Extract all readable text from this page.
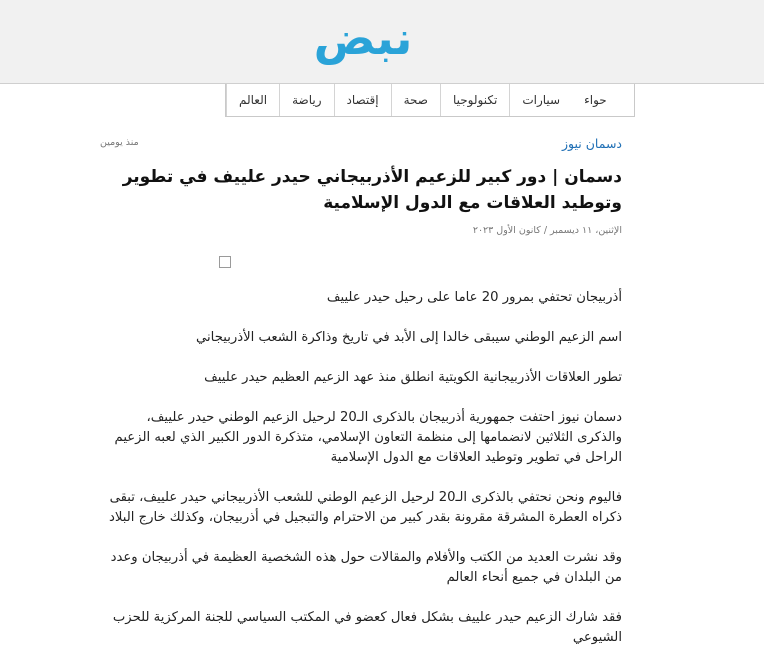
نبض
العالم	رياضة	إقتصاد	صحة	تكنولوجيا	سيارات	حواء
دسمان نيوز
منذ يومين
دسمان | دور كبير للزعيم الأذربيجاني حيدر علييف في تطوير وتوطيد العلاقات مع الدول الإسلامية
الإثنين، ١١ ديسمبر / كانون الأول ٢٠٢٣

أذربيجان تحتفي بمرور 20 عاما على رحيل حيدر علييف

اسم الزعيم الوطني سيبقى خالدا إلى الأبد في تاريخ وذاكرة الشعب الأذربيجاني

تطور العلاقات الأذربيجانية الكويتية انطلق منذ عهد الزعيم العظيم حيدر علييف

دسمان نيوز احتفت جمهورية أذربيجان بالذكرى الـ20 لرحيل الزعيم الوطني حيدر علييف، والذكرى الثلاثين لانضمامها إلى منظمة التعاون الإسلامي، متذكرة الدور الكبير الذي لعبه الزعيم الراحل في تطوير وتوطيد العلاقات مع الدول الإسلامية

فاليوم ونحن نحتفي بالذكرى الـ20 لرحيل الزعيم الوطني للشعب الأذربيجاني حيدر علييف، تبقى ذكراه العطرة المشرقة مقرونة بقدر كبير من الاحترام والتبجيل في أذربيجان، وكذلك خارج البلاد

وقد نشرت العديد من الكتب والأفلام والمقالات حول هذه الشخصية العظيمة في أذربيجان وعدد من البلدان في جميع أنحاء العالم

فقد شارك الزعيم حيدر علييف بشكل فعال كعضو في المكتب السياسي للجنة المركزية للحزب الشيوعي
